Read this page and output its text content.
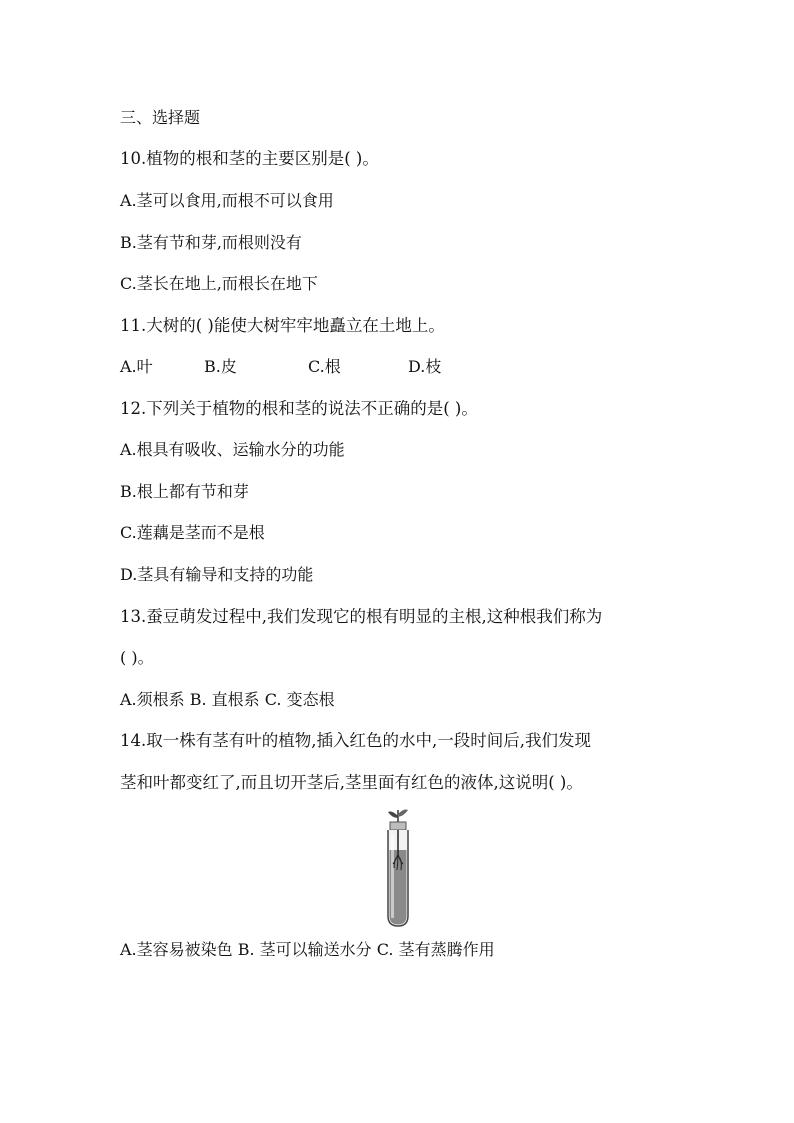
三、选择题
10.植物的根和茎的主要区别是( )。
A.茎可以食用,而根不可以食用
B.茎有节和芽,而根则没有
C.茎长在地上,而根长在地下
11.大树的( )能使大树牢牢地矗立在土地上。
A.叶	B.皮	C.根	D.枝
12.下列关于植物的根和茎的说法不正确的是( )。
A.根具有吸收、运输水分的功能
B.根上都有节和芽
C.莲藕是茎而不是根
D.茎具有输导和支持的功能
13.蚕豆萌发过程中,我们发现它的根有明显的主根,这种根我们称为
( )。
A.须根系 B. 直根系 C. 变态根
14.取一株有茎有叶的植物,插入红色的水中,一段时间后,我们发现
茎和叶都变红了,而且切开茎后,茎里面有红色的液体,这说明( )。
A.茎容易被染色 B. 茎可以输送水分 C. 茎有蒸腾作用
